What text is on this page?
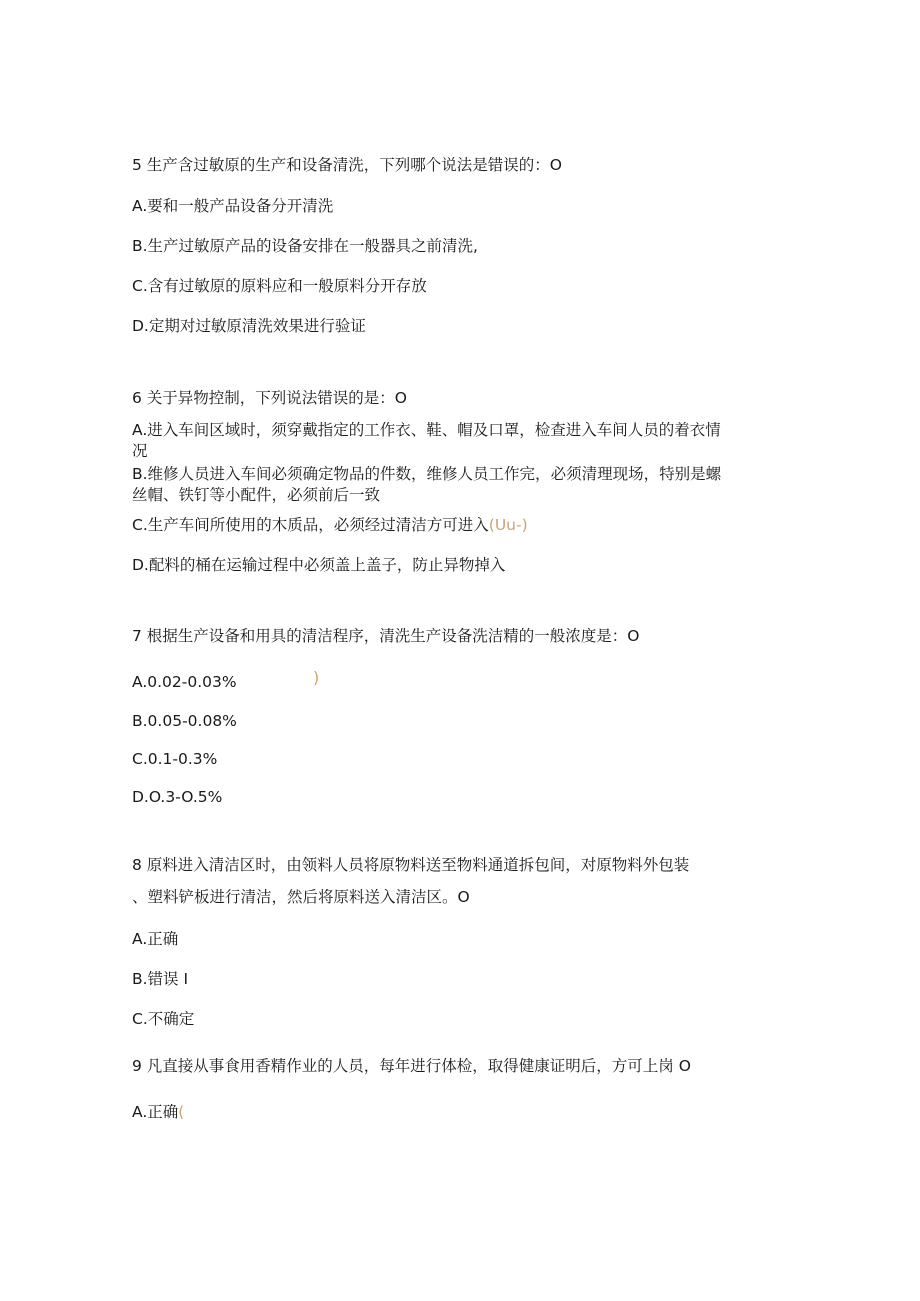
5 生产含过敏原的生产和设备清洗，下列哪个说法是错误的：O
A.要和一般产品设备分开清洗
B.生产过敏原产品的设备安排在一般器具之前清洗,
C.含有过敏原的原料应和一般原料分开存放
D.定期对过敏原清洗效果进行验证
6 关于异物控制，下列说法错误的是：O
A.进入车间区域时，须穿戴指定的工作衣、鞋、帽及口罩，检查进入车间人员的着衣情
况
B.维修人员进入车间必须确定物品的件数，维修人员工作完，必须清理现场，特别是螺
丝帽、铁钉等小配件，必须前后一致
C.生产车间所使用的木质品，必须经过清洁方可进入(Uu-)
D.配料的桶在运输过程中必须盖上盖子，防止异物掉入
7 根据生产设备和用具的清洁程序，清洗生产设备洗洁精的一般浓度是：O
A.0.02-0.03%	)
B.0.05-0.08%
C.0.1-0.3%
D.O.3-O.5%
8 原料进入清洁区时，由领料人员将原物料送至物料通道拆包间，对原物料外包装
、塑料铲板进行清洁，然后将原料送入清洁区。O
A.正确
B.错误 I
C.不确定
9 凡直接从事食用香精作业的人员，每年进行体检，取得健康证明后，方可上岗 O
A.正确(
